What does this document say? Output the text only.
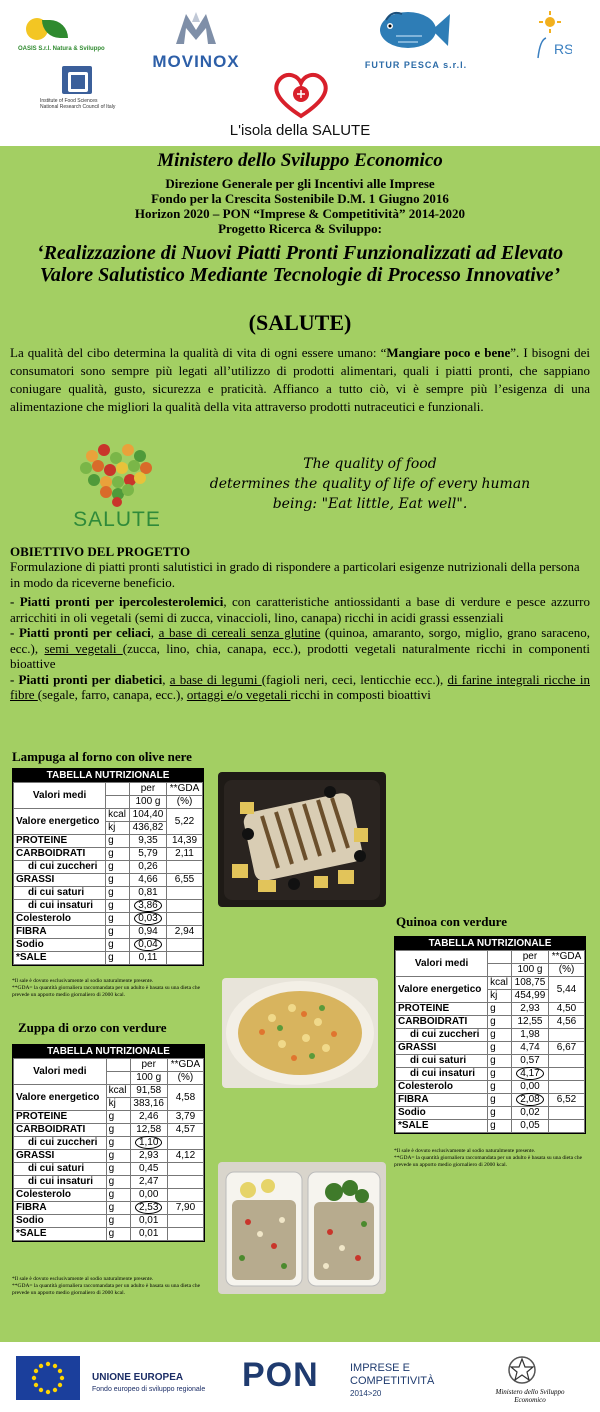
OASIS S.r.l. Natura & Sviluppo
MOVINOX	FUTUR PESCA s.r.l.
RS
Institute of Food Sciences
National Research Council of Italy
L'isola della SALUTE
Ministero dello Sviluppo Economico
Direzione Generale per gli Incentivi alle Imprese
Fondo per la Crescita Sostenibile D.M. 1 Giugno 2016
Horizon 2020 – PON “Imprese & Competitività” 2014-2020
Progetto Ricerca & Sviluppo:
‘Realizzazione di Nuovi Piatti Pronti Funzionalizzati ad Elevato Valore Salutistico Mediante Tecnologie di Processo Innovative’
(SALUTE)
La qualità del cibo determina la qualità di vita di ogni essere umano: “Mangiare poco e bene”. I bisogni dei consumatori sono sempre più legati all’utilizzo di prodotti alimentari, quali i piatti pronti, che sappiano coniugare qualità, gusto, sicurezza e praticità. Affianco a tutto ciò, vi è sempre più l’esigenza di una alimentazione che migliori la qualità della vita attraverso prodotti nutraceutici e funzionali.
SALUTE
The quality of food
determines the quality of life of every human
being: "Eat little, Eat well".
OBIETTIVO DEL PROGETTO
Formulazione di piatti pronti salutistici in grado di rispondere a particolari esigenze nutrizionali della persona in modo da riceverne beneficio.

- Piatti pronti per ipercolesterolemici, con caratteristiche antiossidanti a base di verdure e pesce azzurro arricchiti in oli vegetali (semi di zucca, vinaccioli, lino, canapa) ricchi in acidi grassi essenziali

- Piatti pronti per celiaci, a base di cereali senza glutine (quinoa, amaranto, sorgo, miglio, grano saraceno, ecc.), semi vegetali (zucca, lino, chia, canapa, ecc.), prodotti vegetali naturalmente ricchi in componenti bioattive

- Piatti pronti per diabetici, a base di legumi (fagioli neri, ceci, lenticchie ecc.), di farine integrali ricche in fibre (segale, farro, canapa, ecc.), ortaggi e/o vegetali ricchi in composti bioattivi

Lampuga al forno con olive nere
TABELLA NUTRIZIONALE
Valori medi		per	**GDA
		100 g	(%)
Valore energetico	kcal	104,40	5,22
	kj	436,82	
PROTEINE	g	9,35	14,39
CARBOIDRATI	g	5,79	2,11
di cui zuccheri	g	0,26	
GRASSI	g	4,66	6,55
di cui saturi	g	0,81	
di cui insaturi	g	3,86	
Colesterolo	g	0,03	
FIBRA	g	0,94	2,94
Sodio	g	0,04	
*SALE	g	0,11	
*Il sale è dovuto esclusivamente al sodio naturalmente presente.
**GDA= la quantità giornaliera raccomandata per un adulto è basata su una dieta che prevede un apporto medio giornaliero di 2000 kcal.
Zuppa di orzo con verdure
TABELLA NUTRIZIONALE
Valori medi		per	**GDA
		100 g	(%)
Valore energetico	kcal	91,58	4,58
	kj	383,16	
PROTEINE	g	2,46	3,79
CARBOIDRATI	g	12,58	4,57
di cui zuccheri	g	1,10	
GRASSI	g	2,93	4,12
di cui saturi	g	0,45	
di cui insaturi	g	2,47	
Colesterolo	g	0,00	
FIBRA	g	2,53	7,90
Sodio	g	0,01	
*SALE	g	0,01	
*Il sale è dovuto esclusivamente al sodio naturalmente presente.
**GDA= la quantità giornaliera raccomandata per un adulto è basata su una dieta che prevede un apporto medio giornaliero di 2000 kcal.
Quinoa con verdure
TABELLA NUTRIZIONALE
Valori medi		per	**GDA
		100 g	(%)
Valore energetico	kcal	108,75	5,44
	kj	454,99	
PROTEINE	g	2,93	4,50
CARBOIDRATI	g	12,55	4,56
di cui zuccheri	g	1,98	
GRASSI	g	4,74	6,67
di cui saturi	g	0,57	
di cui insaturi	g	4,17	
Colesterolo	g	0,00	
FIBRA	g	2,08	6,52
Sodio	g	0,02	
*SALE	g	0,05	
*Il sale è dovuto esclusivamente al sodio naturalmente presente.
**GDA= la quantità giornaliera raccomandata per un adulto è basata su una dieta che prevede un apporto medio giornaliero di 2000 kcal.
UNIONE EUROPEA
Fondo europeo di sviluppo regionale PON	IMPRESE E
COMPETITIVITÀ
2014>20	Ministero dello Sviluppo Economico
